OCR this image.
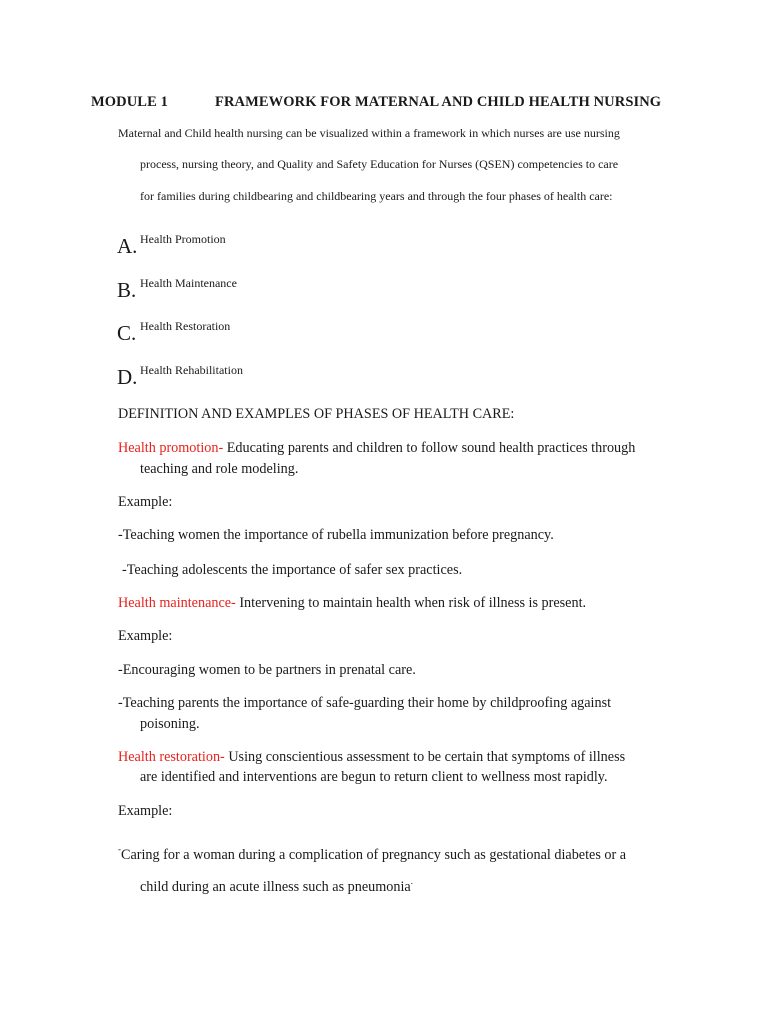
MODULE 1	FRAMEWORK FOR MATERNAL AND CHILD HEALTH NURSING
Maternal and Child health nursing can be visualized within a framework in which nurses are use nursing
process, nursing theory, and Quality and Safety Education for Nurses (QSEN) competencies to care
for families during childbearing and childbearing years and through the four phases of health care:
A. Health Promotion
B. Health Maintenance
C. Health Restoration
D. Health Rehabilitation
DEFINITION AND EXAMPLES OF PHASES OF HEALTH CARE:
Health promotion- Educating parents and children to follow sound health practices through
teaching and role modeling.
Example:
-Teaching women the importance of rubella immunization before pregnancy.
-Teaching adolescents the importance of safer sex practices.
Health maintenance- Intervening to maintain health when risk of illness is present.
Example:
-Encouraging women to be partners in prenatal care.
-Teaching parents the importance of safe-guarding their home by childproofing against
poisoning.
Health restoration- Using conscientious assessment to be certain that symptoms of illness
are identified and interventions are begun to return client to wellness most rapidly.
Example:
-Caring for a woman during a complication of pregnancy such as gestational diabetes or a
child during an acute illness such as pneumonia.
